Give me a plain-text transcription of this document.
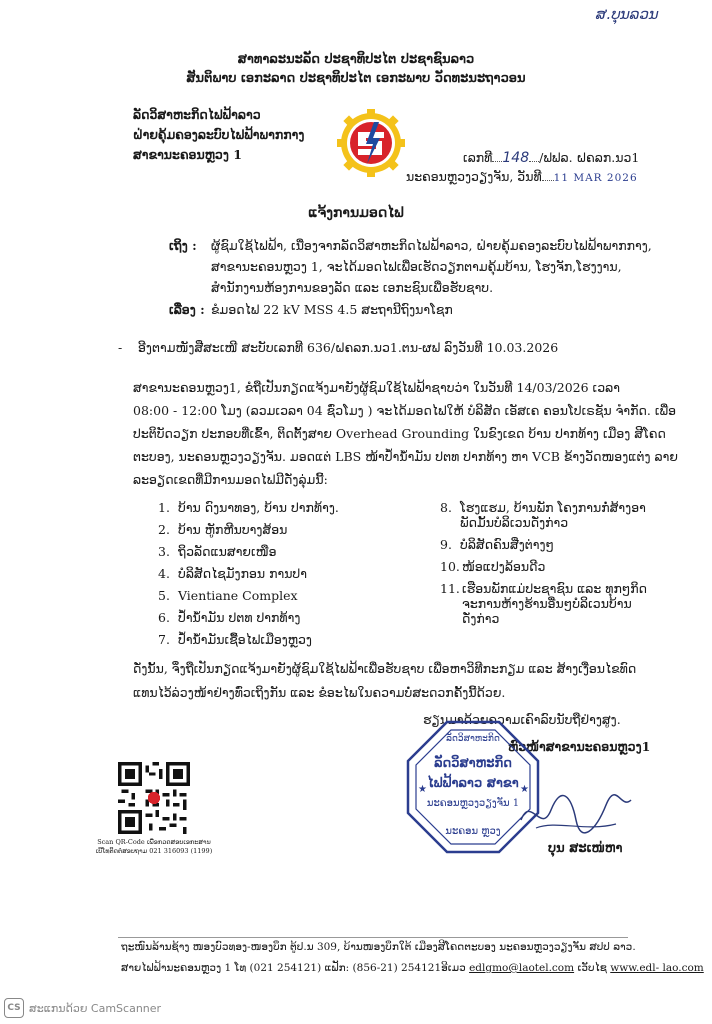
ສ.ບຸນລວນ
ສາທາລະນະລັດ ປະຊາທິປະໄຕ ປະຊາຊົນລາວ
ສັນຕິພາບ ເອກະລາດ ປະຊາທິປະໄຕ ເອກະພາບ ວັດທະນະຖາວອນ
ລັດວິສາຫະກິດໄຟຟ້າລາວ
ຝ່າຍຄຸ້ມຄອງລະບົບໄຟຟ້າພາກກາງ
ສາຂານະຄອນຫຼວງ 1	ເລກທີ 148 /ຟຟລ. ຝຄລກ.ນວ1
ນະຄອນຫຼວງວຽງຈັນ, ວັນທີ 11 MAR 2026
ແຈ້ງການມອດໄຟ
ເຖິງ : ຜູ້ຊົມໃຊ້ໄຟຟ້າ, ເນື່ອງຈາກລັດວິສາຫະກິດໄຟຟ້າລາວ, ຝ່າຍຄຸ້ມຄອງລະບົບໄຟຟ້າພາກກາງ,
ສາຂານະຄອນຫຼວງ 1, ຈະໄດ້ມອດໄຟເພື່ອເຮັດວຽກຕາມຄຸ້ມບ້ານ, ໂຮງຈັກ,ໂຮງງານ,
ສຳນັກງານຫ້ອງການຂອງລັດ ແລະ ເອກະຊົນເພື່ອຮັບຊາບ.
ເລື່ອງ : ຂໍມອດໄຟ 22 kV MSS 4.5 ສະຖານີຖົງນາໂຊກ
- ອີງຕາມໜັງສືສະເໜີ ສະບັບເລກທີ 636/ຝຄລກ.ນວ1.ຕນ-ຜຟ ລົງວັນທີ 10.03.2026
ສາຂານະຄອນຫຼວງ1, ຂໍຖືເປັນກຽດແຈ້ງມາຍັງຜູ້ຊົມໃຊ້ໄຟຟ້າຊາບວ່າ ໃນວັນທີ 14/03/2026 ເວລາ
08:00 - 12:00 ໂມງ (ລວມເວລາ 04 ຊົ່ວໂມງ ) ຈະໄດ້ມອດໄຟໃຫ້ ບໍລິສັດ ເອັສເຄ ຄອນໂປເຣຊັນ ຈຳກັດ. ເພື່ອ
ປະຕິບັດວຽກ ປະກອບທີ່ເຂົ້າ, ຕິດຕັ້ງສາຍ Overhead Grounding ໃນຂົງເຂດ ບ້ານ ປາກທ້າງ ເມືອງ ສີໂຄດ
ຕະບອງ, ນະຄອນຫຼວງວຽງຈັນ. ມອດແຕ່ LBS ໜ້າປໍ້ານ້ຳມັນ ປຕທ ປາກທ້າງ ຫາ VCB ຂ້າງວັດໜອງແຕ່ງ ລາຍ
ລະອຽດເຂດທີ່ມີການມອດໄຟມີດັ່ງລຸ່ມນີ້:
1. ບ້ານ ດົງນາທອງ, ບ້ານ ປາກທ້າງ.
2. ບ້ານ ຫູັກຫີນບາງສ້ອນ
3. ຖິວລັດແນສາຍເໜືອ
4. ບໍລິສັດໄຊມັງກອນ ການປາ
5. Vientiane Complex
6. ປໍ້ານ້ຳມັນ ປຕທ ປາກທ້າງ
7. ປໍ້ານ້ຳມັນເຊື້ອໄຟເມືອງຫຼວງ
8. ໂຮງແຮມ, ບ້ານພັກ ໂຄງການກໍ່ສ້າງອາ
ພັດມັ້ນບໍລິເວນດັ່ງກ່າວ
9. ບໍລິສັດຄົນສີ່ງຕ່າງໆ
10. ໜ້ອແປງລ້ອນດີວ
11. ເຮືອນພັກແມ່ປະຊາຊົນ ແລະ ທຸກໆກິດ
ຈະການຫ້າງຮ້ານອື່ນໆບໍລິເວນບ້ານ
ດັ່ງກ່າວ
ດັ່ງນັ້ນ, ຈຶ່ງຖືເປັນກຽດແຈ້ງມາຍັງຜູ້ຊົມໃຊ້ໄຟຟ້າເພື່ອຮັບຊາບ ເພື່ອຫາວິທີກະກຽມ ແລະ ສ້າງເງື່ອນໄຂທົດ
ແທນໄວ້ລ່ວງໜ້າຢ່າງທົ່ວເຖິງກັນ ແລະ ຂໍອະໄພໃນຄວາມບໍ່ສະດວກຄັ້ງນີ້ດ້ວຍ.
ຮຽນມາດ້ວຍຄວາມເຄົາລົບນັບຖືຢ່າງສູງ.
ຫົວໜ້າສາຂານະຄອນຫຼວງ1
★	★
ລັດວິສາຫະກິດ
ລັດວິສາຫະກິດ
ໄຟຟ້າລາວ ສາຂາ
ນະຄອນຫຼວງວຽງຈັນ 1
ນະຄອນ ຫຼວງ
ບຸນ ສະເໜ່ຫາ
Scan QR-Code ເພື່ອກວດສອບເອກະສານ
ເບີໂທຕິດຕໍ່ສອບຖາມ 021 316093 (1199)
ຖະໜົນລ້ານຊ້າງ ໜອງບົວທອງ-ໜອງບຶກ ຕູ້ປ.ນ 309, ບ້ານໜອງບຶກໃຕ້ ເມືອງສີໂຄດຕະບອງ ນະຄອນຫຼວງວຽງຈັນ ສປປ ລາວ.
ສາຍໄຟຟ້ານະຄອນຫຼວງ 1 ໂທ (021 254121) ແຟັກ: (856-21) 254121ອີເມວ edlgmo@laotel.com ເວັບໄຊ www.edl- lao.com
CS ສະແກນດ້ວຍ CamScanner
